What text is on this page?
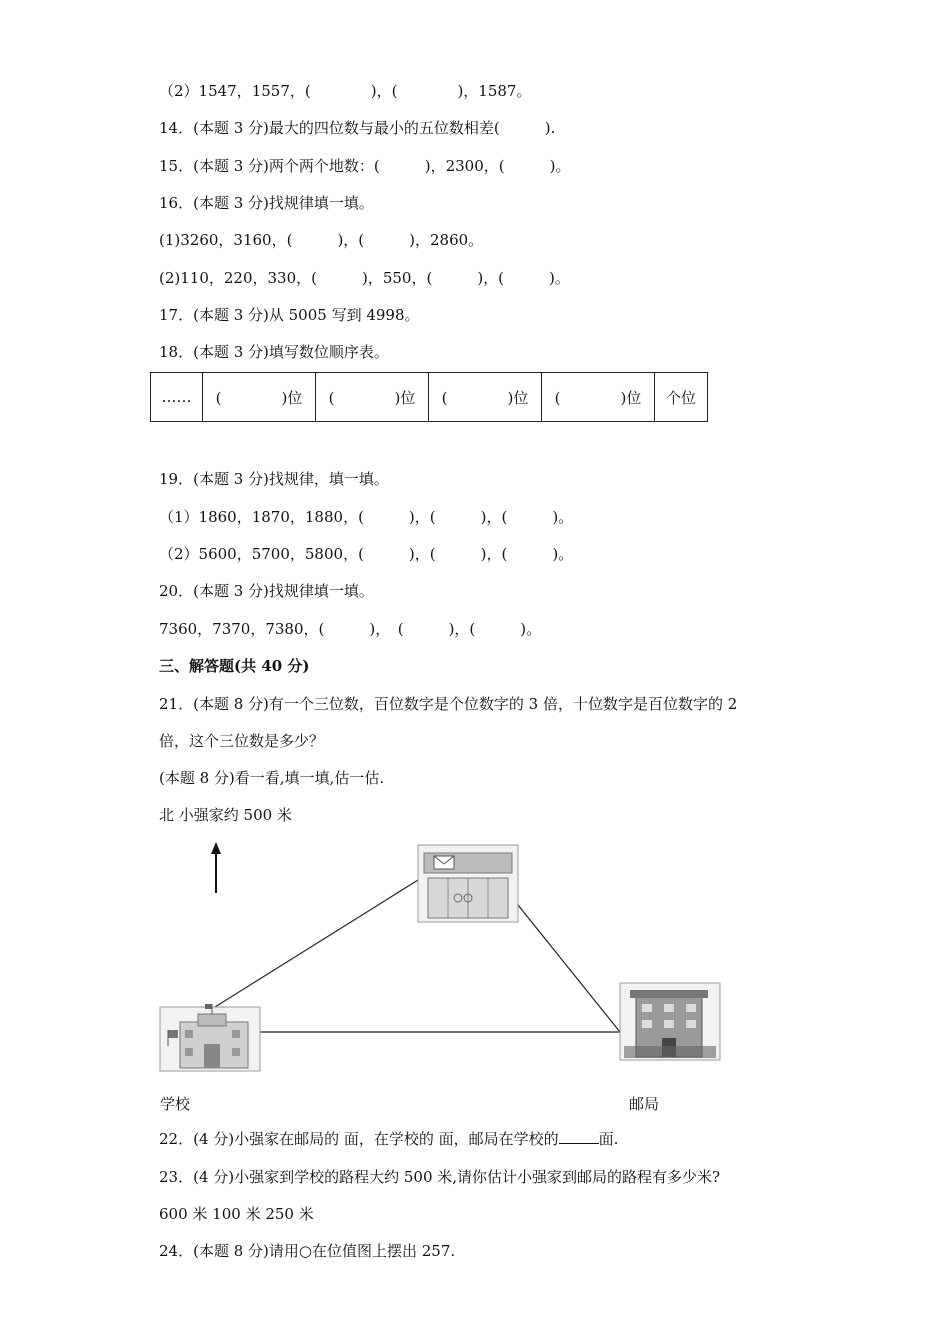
（2）1547，1557，(　　　　)，(　　　　)，1587。
14．(本题 3 分)最大的四位数与最小的五位数相差(　　　).
15．(本题 3 分)两个两个地数：(　　　)，2300，(　　　)。
16．(本题 3 分)找规律填一填。
(1)3260，3160，(　　　)，(　　　)，2860。
(2)110，220，330，(　　　)，550，(　　　)，(　　　)。
17．(本题 3 分)从 5005 写到 4998。
18．(本题 3 分)填写数位顺序表。
……	(　　　　)位	(　　　　)位	(　　　　)位	(　　　　)位	个位
19．(本题 3 分)找规律，填一填。
（1）1860，1870，1880，(　　　)，(　　　)，(　　　)。
（2）5600，5700，5800，(　　　)，(　　　)，(　　　)。
20．(本题 3 分)找规律填一填。
7360，7370，7380，(　　　)，　(　　　)，(　　　)。
三、解答题(共 40 分)
21．(本题 8 分)有一个三位数，百位数字是个位数字的 3 倍，十位数字是百位数字的 2
倍，这个三位数是多少？
(本题 8 分)看一看,填一填,估一估.
北 小强家约 500 米
学校	邮局
22．(4 分)小强家在邮局的 面，在学校的 面，邮局在学校的	面.
23．(4 分)小强家到学校的路程大约 500 米,请你估计小强家到邮局的路程有多少米?
600 米 100 米 250 米
24．(本题 8 分)请用○在位值图上摆出 257.
